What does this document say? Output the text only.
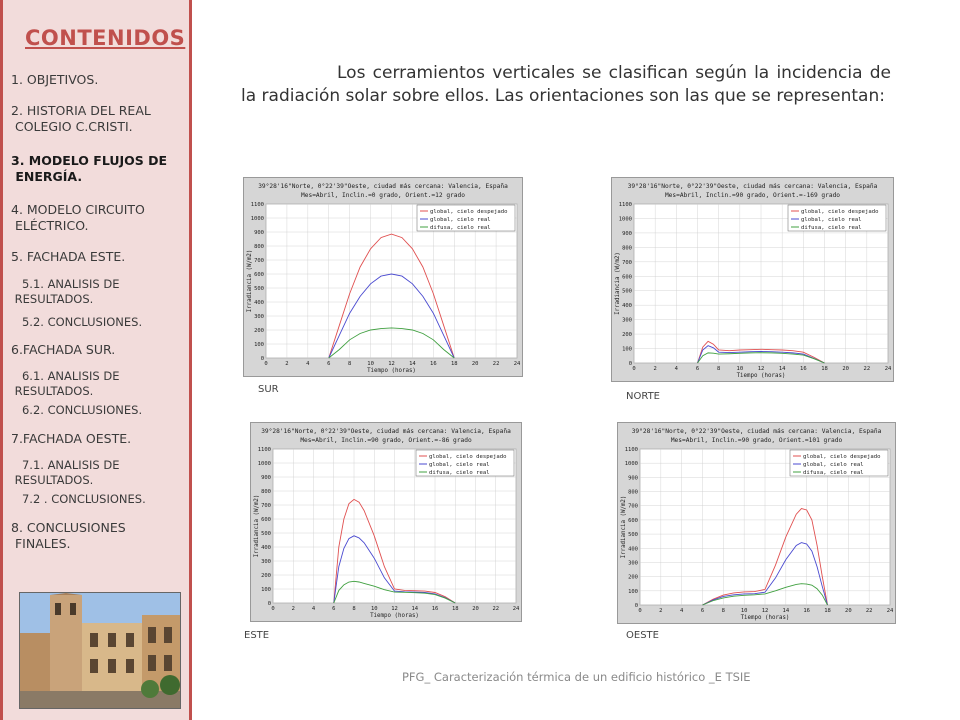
CONTENIDOS
1. OBJETIVOS.
2. HISTORIA DEL REAL
COLEGIO C.CRISTI.
3. MODELO FLUJOS DE
ENERGÍA.
4. MODELO CIRCUITO
ELÉCTRICO.
5. FACHADA ESTE.
5.1. ANALISIS DE
RESULTADOS.
5.2. CONCLUSIONES.
6.FACHADA SUR.
6.1. ANALISIS DE
RESULTADOS.
6.2. CONCLUSIONES.
7.FACHADA OESTE.
7.1. ANALISIS DE
RESULTADOS.
7.2 . CONCLUSIONES.
8. CONCLUSIONES
FINALES.
Los cerramientos verticales se clasifican según la incidencia de la radiación solar sobre ellos. Las orientaciones son las que se representan:
39°28'16"Norte, 0°22'39"Oeste, ciudad más cercana: Valencia, España
Mes=Abril, Inclin.=0 grado, Orient.=12 grado
0
100
200
300
400
500
600
700
800
900
1000
1100
0	2	4	6	8	10	12	14	16	18	20	22	24
Tiempo (horas)
Irradiancia (W/m2)
global, cielo despejado
global, cielo real
difusa, cielo real
SUR
39°28'16"Norte, 0°22'39"Oeste, ciudad más cercana: Valencia, España
Mes=Abril, Inclin.=90 grado, Orient.=-169 grado
0
100
200
300
400
500
600
700
800
900
1000
1100
0	2	4	6	8	10	12	14	16	18	20	22	24
Tiempo (horas)
Irradiancia (W/m2)
global, cielo despejado
global, cielo real
difusa, cielo real
NORTE
39°28'16"Norte, 0°22'39"Oeste, ciudad más cercana: Valencia, España
Mes=Abril, Inclin.=90 grado, Orient.=-86 grado
0
100
200
300
400
500
600
700
800
900
1000
1100
0	2	4	6	8	10 12 14 16 18 20 22 24
Tiempo (horas)
Irradiancia (W/m2)
global, cielo despejado
global, cielo real
difusa, cielo real
ESTE
39°28'16"Norte, 0°22'39"Oeste, ciudad más cercana: Valencia, España
Mes=Abril, Inclin.=90 grado, Orient.=101 grado
0
100
200
300
400
500
600
700
800
900
1000
1100
0	2	4	6	8	10	12	14	16	18	20	22	24
Tiempo (horas)
Irradiancia (W/m2)
global, cielo despejado
global, cielo real
difusa, cielo real
OESTE
PFG_ Caracterización térmica de un edificio histórico _E TSIE
